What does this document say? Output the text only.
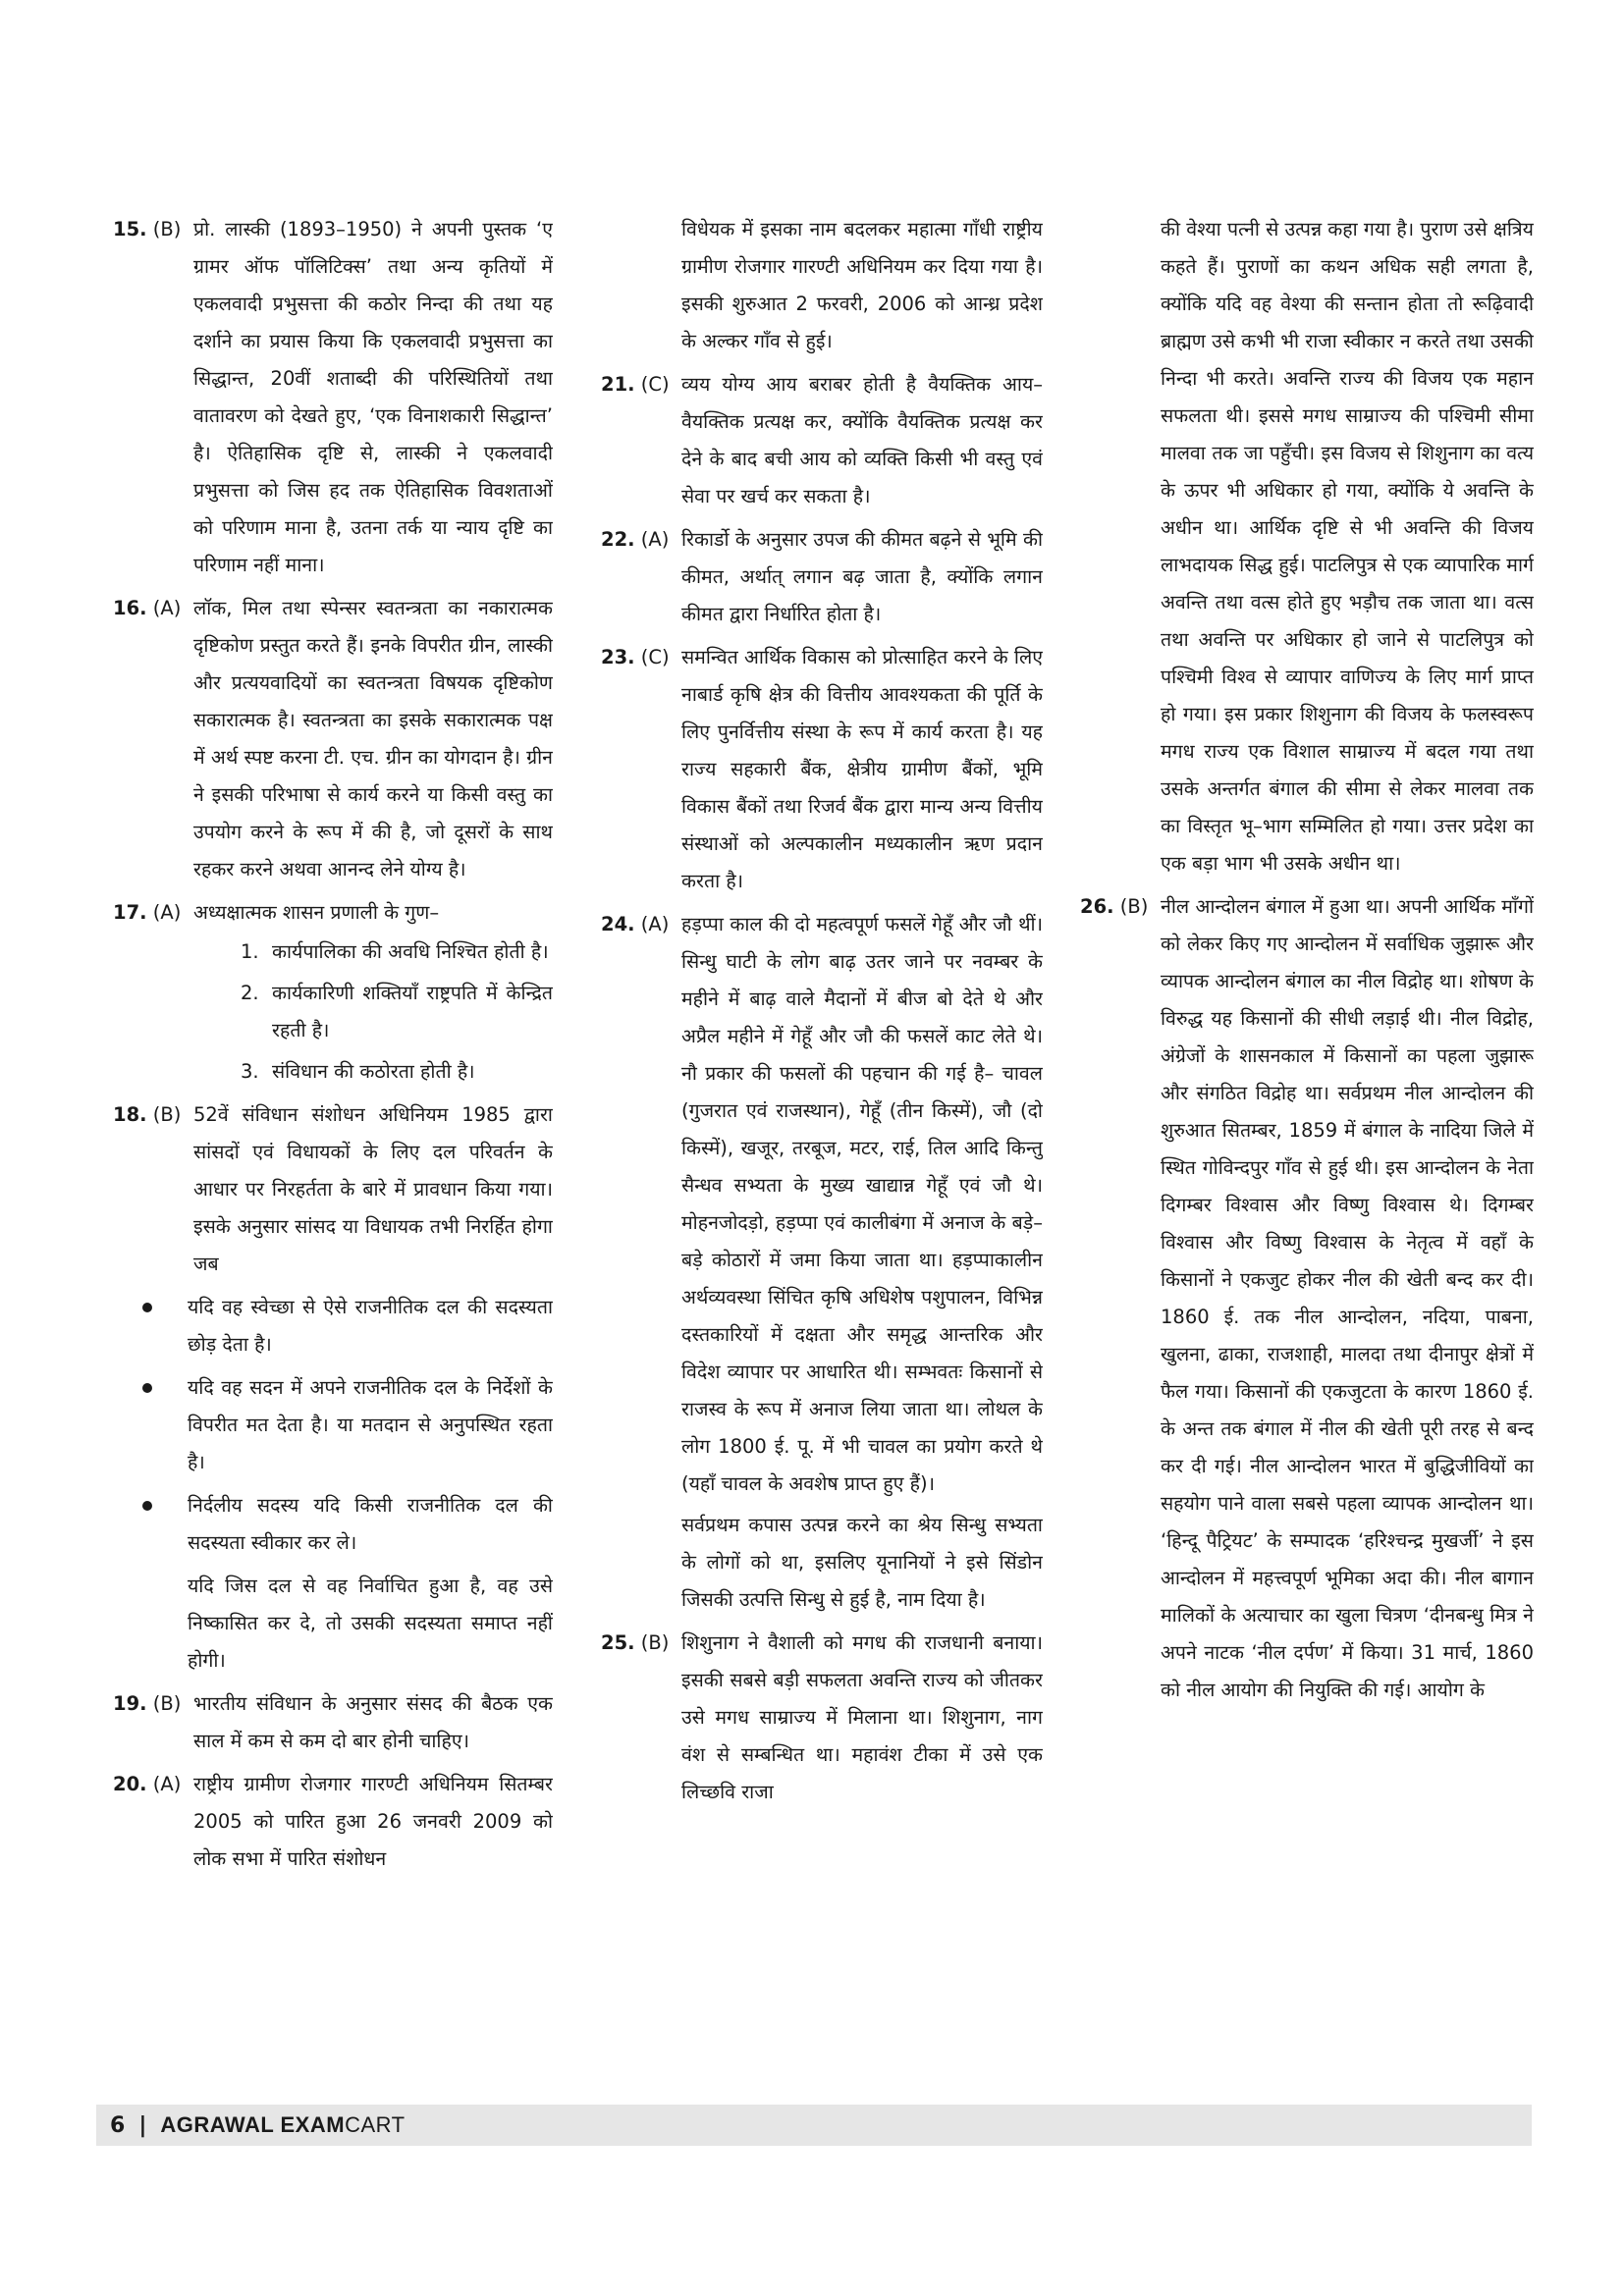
15. (B) प्रो. लास्की (1893–1950) ने अपनी पुस्तक ‘ए ग्रामर ऑफ पॉलिटिक्स’ तथा अन्य कृतियों में एकलवादी प्रभुसत्ता की कठोर निन्दा की तथा यह दर्शाने का प्रयास किया कि एकलवादी प्रभुसत्ता का सिद्धान्त, 20वीं शताब्दी की परिस्थितियों तथा वातावरण को देखते हुए, ‘एक विनाशकारी सिद्धान्त’ है। ऐतिहासिक दृष्टि से, लास्की ने एकलवादी प्रभुसत्ता को जिस हद तक ऐतिहासिक विवशताओं को परिणाम माना है, उतना तर्क या न्याय दृष्टि का परिणाम नहीं माना।
16. (A) लॉक, मिल तथा स्पेन्सर स्वतन्त्रता का नकारात्मक दृष्टिकोण प्रस्तुत करते हैं। इनके विपरीत ग्रीन, लास्की और प्रत्ययवादियों का स्वतन्त्रता विषयक दृष्टिकोण सकारात्मक है। स्वतन्त्रता का इसके सकारात्मक पक्ष में अर्थ स्पष्ट करना टी. एच. ग्रीन का योगदान है। ग्रीन ने इसकी परिभाषा से कार्य करने या किसी वस्तु का उपयोग करने के रूप में की है, जो दूसरों के साथ रहकर करने अथवा आनन्द लेने योग्य है।
17. (A) अध्यक्षात्मक शासन प्रणाली के गुण–
1. कार्यपालिका की अवधि निश्चित होती है।
2. कार्यकारिणी शक्तियाँ राष्ट्रपति में केन्द्रित रहती है।
3. संविधान की कठोरता होती है।
18. (B) 52वें संविधान संशोधन अधिनियम 1985 द्वारा सांसदों एवं विधायकों के लिए दल परिवर्तन के आधार पर निरहर्तता के बारे में प्रावधान किया गया। इसके अनुसार सांसद या विधायक तभी निरर्हित होगा जब
यदि वह स्वेच्छा से ऐसे राजनीतिक दल की सदस्यता छोड़ देता है।
यदि वह सदन में अपने राजनीतिक दल के निर्देशों के विपरीत मत देता है। या मतदान से अनुपस्थित रहता है।
निर्दलीय सदस्य यदि किसी राजनीतिक दल की सदस्यता स्वीकार कर ले।
यदि जिस दल से वह निर्वाचित हुआ है, वह उसे निष्कासित कर दे, तो उसकी सदस्यता समाप्त नहीं होगी।
19. (B) भारतीय संविधान के अनुसार संसद की बैठक एक साल में कम से कम दो बार होनी चाहिए।
20. (A) राष्ट्रीय ग्रामीण रोजगार गारण्टी अधिनियम सितम्बर 2005 को पारित हुआ 26 जनवरी 2009 को लोक सभा में पारित संशोधन
विधेयक में इसका नाम बदलकर महात्मा गाँधी राष्ट्रीय ग्रामीण रोजगार गारण्टी अधिनियम कर दिया गया है। इसकी शुरुआत 2 फरवरी, 2006 को आन्ध्र प्रदेश के अल्कर गाँव से हुई।
21. (C) व्यय योग्य आय बराबर होती है वैयक्तिक आय–वैयक्तिक प्रत्यक्ष कर, क्योंकि वैयक्तिक प्रत्यक्ष कर देने के बाद बची आय को व्यक्ति किसी भी वस्तु एवं सेवा पर खर्च कर सकता है।
22. (A) रिकार्डो के अनुसार उपज की कीमत बढ़ने से भूमि की कीमत, अर्थात् लगान बढ़ जाता है, क्योंकि लगान कीमत द्वारा निर्धारित होता है।
23. (C) समन्वित आर्थिक विकास को प्रोत्साहित करने के लिए नाबार्ड कृषि क्षेत्र की वित्तीय आवश्यकता की पूर्ति के लिए पुनर्वित्तीय संस्था के रूप में कार्य करता है। यह राज्य सहकारी बैंक, क्षेत्रीय ग्रामीण बैंकों, भूमि विकास बैंकों तथा रिजर्व बैंक द्वारा मान्य अन्य वित्तीय संस्थाओं को अल्पकालीन मध्यकालीन ऋण प्रदान करता है।
24. (A) हड़प्पा काल की दो महत्वपूर्ण फसलें गेहूँ और जौ थीं। सिन्धु घाटी के लोग बाढ़ उतर जाने पर नवम्बर के महीने में बाढ़ वाले मैदानों में बीज बो देते थे और अप्रैल महीने में गेहूँ और जौ की फसलें काट लेते थे। नौ प्रकार की फसलों की पहचान की गई है– चावल (गुजरात एवं राजस्थान), गेहूँ (तीन किस्में), जौ (दो किस्में), खजूर, तरबूज, मटर, राई, तिल आदि किन्तु सैन्धव सभ्यता के मुख्य खाद्यान्न गेहूँ एवं जौ थे। मोहनजोदड़ो, हड़प्पा एवं कालीबंगा में अनाज के बड़े–बड़े कोठारों में जमा किया जाता था। हड़प्पाकालीन अर्थव्यवस्था सिंचित कृषि अधिशेष पशुपालन, विभिन्न दस्तकारियों में दक्षता और समृद्ध आन्तरिक और विदेश व्यापार पर आधारित थी। सम्भवतः किसानों से राजस्व के रूप में अनाज लिया जाता था। लोथल के लोग 1800 ई. पू. में भी चावल का प्रयोग करते थे (यहाँ चावल के अवशेष प्राप्त हुए हैं)।
सर्वप्रथम कपास उत्पन्न करने का श्रेय सिन्धु सभ्यता के लोगों को था, इसलिए यूनानियों ने इसे सिंडोन जिसकी उत्पत्ति सिन्धु से हुई है, नाम दिया है।
25. (B) शिशुनाग ने वैशाली को मगध की राजधानी बनाया। इसकी सबसे बड़ी सफलता अवन्ति राज्य को जीतकर उसे मगध साम्राज्य में मिलाना था। शिशुनाग, नाग वंश से सम्बन्धित था। महावंश टीका में उसे एक लिच्छवि राजा
की वेश्या पत्नी से उत्पन्न कहा गया है। पुराण उसे क्षत्रिय कहते हैं। पुराणों का कथन अधिक सही लगता है, क्योंकि यदि वह वेश्या की सन्तान होता तो रूढ़िवादी ब्राह्मण उसे कभी भी राजा स्वीकार न करते तथा उसकी निन्दा भी करते। अवन्ति राज्य की विजय एक महान सफलता थी। इससे मगध साम्राज्य की पश्चिमी सीमा मालवा तक जा पहुँची। इस विजय से शिशुनाग का वत्य के ऊपर भी अधिकार हो गया, क्योंकि ये अवन्ति के अधीन था। आर्थिक दृष्टि से भी अवन्ति की विजय लाभदायक सिद्ध हुई। पाटलिपुत्र से एक व्यापारिक मार्ग अवन्ति तथा वत्स होते हुए भड़ौच तक जाता था। वत्स तथा अवन्ति पर अधिकार हो जाने से पाटलिपुत्र को पश्चिमी विश्व से व्यापार वाणिज्य के लिए मार्ग प्राप्त हो गया। इस प्रकार शिशुनाग की विजय के फलस्वरूप मगध राज्य एक विशाल साम्राज्य में बदल गया तथा उसके अन्तर्गत बंगाल की सीमा से लेकर मालवा तक का विस्तृत भू–भाग सम्मिलित हो गया। उत्तर प्रदेश का एक बड़ा भाग भी उसके अधीन था।
26. (B) नील आन्दोलन बंगाल में हुआ था। अपनी आर्थिक माँगों को लेकर किए गए आन्दोलन में सर्वाधिक जुझारू और व्यापक आन्दोलन बंगाल का नील विद्रोह था। शोषण के विरुद्ध यह किसानों की सीधी लड़ाई थी। नील विद्रोह, अंग्रेजों के शासनकाल में किसानों का पहला जुझारू और संगठित विद्रोह था। सर्वप्रथम नील आन्दोलन की शुरुआत सितम्बर, 1859 में बंगाल के नादिया जिले में स्थित गोविन्दपुर गाँव से हुई थी। इस आन्दोलन के नेता दिगम्बर विश्वास और विष्णु विश्वास थे। दिगम्बर विश्वास और विष्णु विश्वास के नेतृत्व में वहाँ के किसानों ने एकजुट होकर नील की खेती बन्द कर दी। 1860 ई. तक नील आन्दोलन, नदिया, पाबना, खुलना, ढाका, राजशाही, मालदा तथा दीनापुर क्षेत्रों में फैल गया। किसानों की एकजुटता के कारण 1860 ई. के अन्त तक बंगाल में नील की खेती पूरी तरह से बन्द कर दी गई। नील आन्दोलन भारत में बुद्धिजीवियों का सहयोग पाने वाला सबसे पहला व्यापक आन्दोलन था। ‘हिन्दू पैट्रियट’ के सम्पादक ‘हरिश्चन्द्र मुखर्जी’ ने इस आन्दोलन में महत्त्वपूर्ण भूमिका अदा की। नील बागान मालिकों के अत्याचार का खुला चित्रण ‘दीनबन्धु मित्र ने अपने नाटक ‘नील दर्पण’ में किया। 31 मार्च, 1860 को नील आयोग की नियुक्ति की गई। आयोग के
6 | AGRAWAL EXAM CART
